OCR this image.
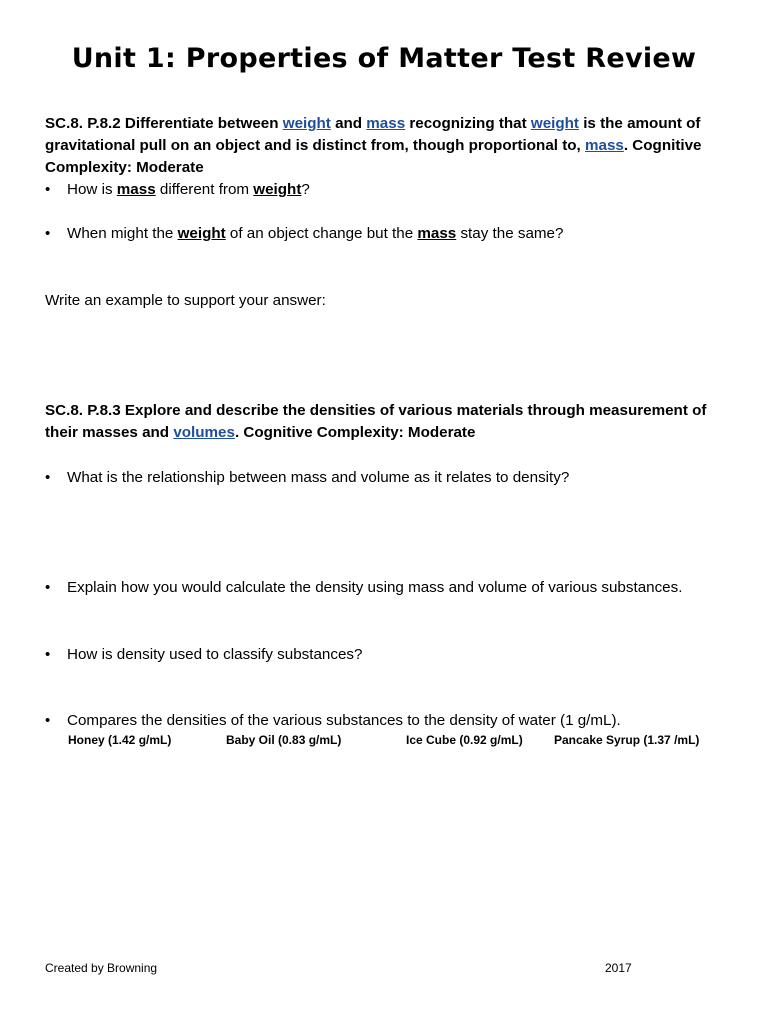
Unit 1: Properties of Matter Test Review

SC.8. P.8.2 Differentiate between weight and mass recognizing that weight is the amount of gravitational pull on an object and is distinct from, though proportional to, mass. Cognitive Complexity: Moderate

• How is mass different from weight?
• When might the weight of an object change but the mass stay the same?
Write an example to support your answer:

SC.8. P.8.3 Explore and describe the densities of various materials through measurement of their masses and volumes. Cognitive Complexity: Moderate

• What is the relationship between mass and volume as it relates to density?
• Explain how you would calculate the density using mass and volume of various substances.
• How is density used to classify substances?
• Compares the densities of the various substances to the density of water (1 g/mL).
Honey (1.42 g/mL)	Baby Oil (0.83 g/mL)	Ice Cube (0.92 g/mL)	Pancake Syrup (1.37 /mL)
Created by Browning	2017
